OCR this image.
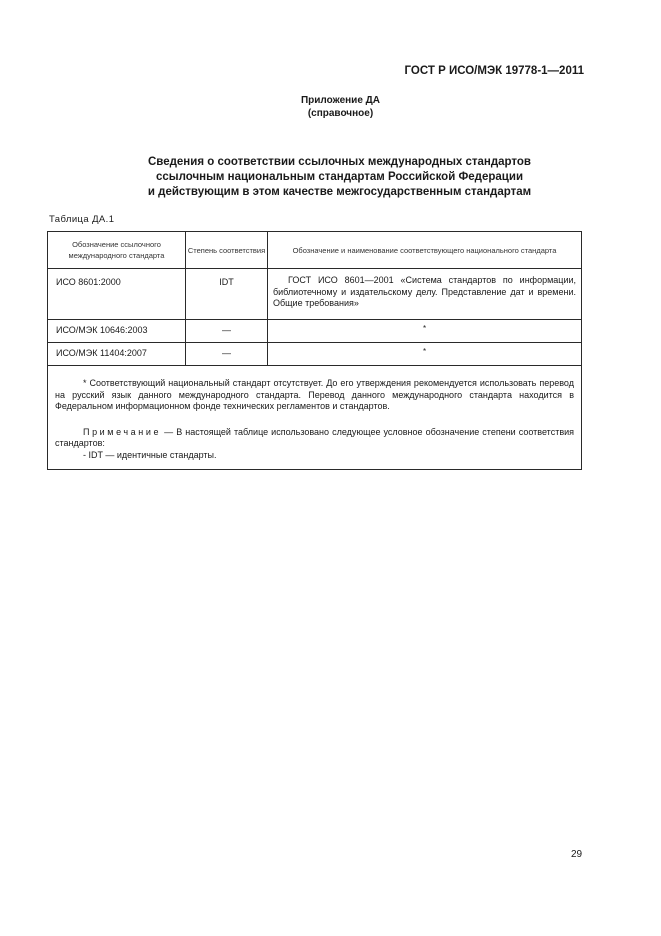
ГОСТ Р ИСО/МЭК 19778-1—2011
Приложение ДА
(справочное)
Сведения о соответствии ссылочных международных стандартов
ссылочным национальным стандартам Российской Федерации
и действующим в этом качестве межгосударственным стандартам
Таблица ДА.1
Обозначение ссылочного международного стандарта	Степень соответствия	Обозначение и наименование соответствующего национального стандарта

ИСО 8601:2000	IDT	ГОСТ ИСО 8601—2001 «Система стандартов по информации, библиотечному и издательскому делу. Представление дат и времени. Общие требования»

ИСО/МЭК 10646:2003	—	*

ИСО/МЭК 11404:2007	—	*

* Соответствующий национальный стандарт отсутствует. До его утверждения рекомендуется использовать перевод на русский язык данного международного стандарта. Перевод данного международного стандарта находится в Федеральном информационном фонде технических регламентов и стандартов.

Примечание — В настоящей таблице использовано следующее условное обозначение степени соответствия стандартов:

- IDT — идентичные стандарты.		

29
